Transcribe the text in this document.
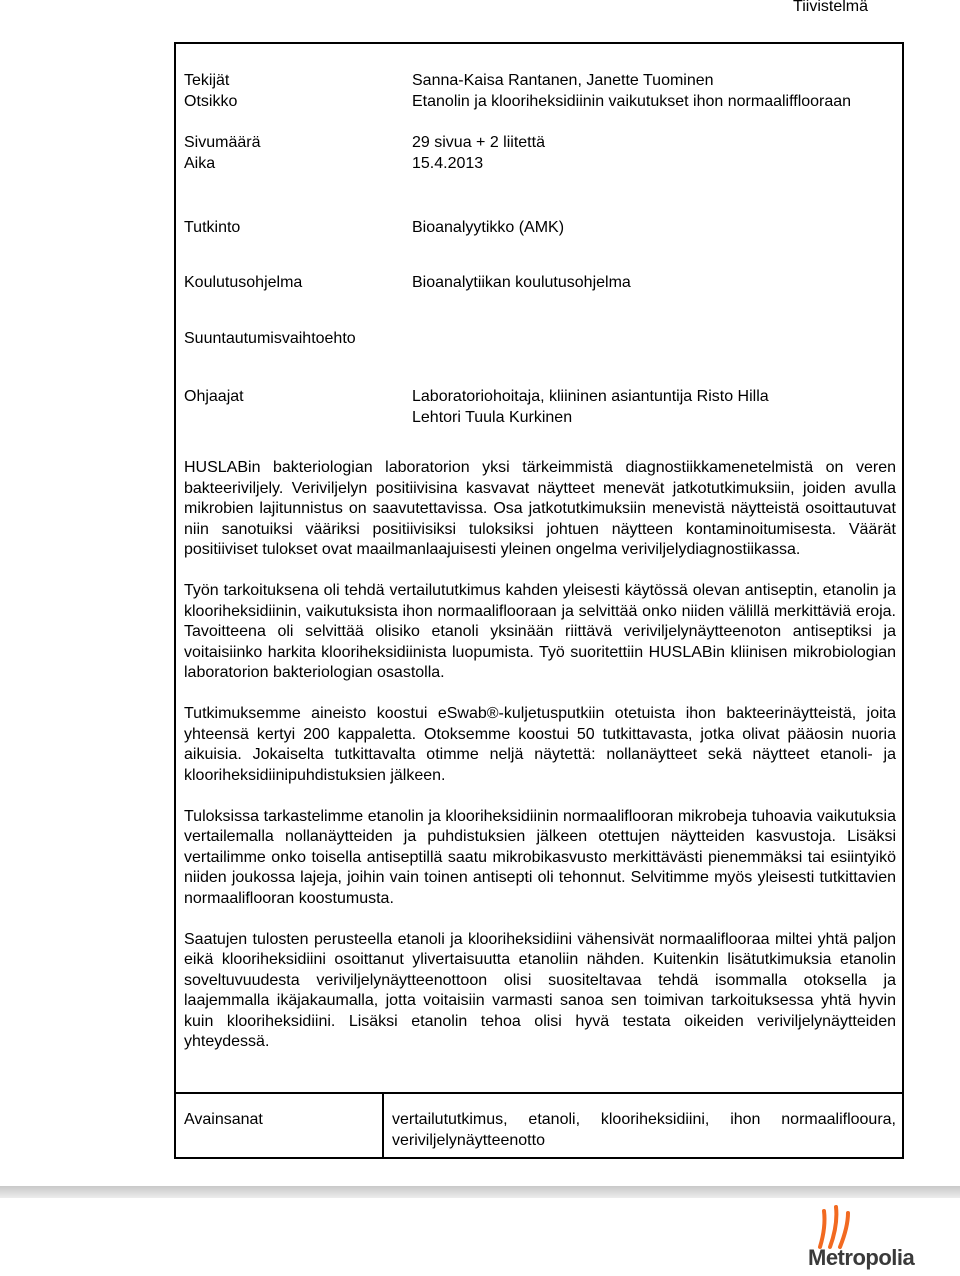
Tiivistelmä
Tekijät	Sanna-Kaisa Rantanen, Janette Tuominen
Otsikko	Etanolin ja klooriheksidiinin vaikutukset ihon normaalifflooraan
Sivumäärä	29 sivua + 2 liitettä
Aika	15.4.2013
Tutkinto	Bioanalyytikko (AMK)
Koulutusohjelma	Bioanalytiikan koulutusohjelma
Suuntautumisvaihtoehto
Ohjaajat	Laboratoriohoitaja, kliininen asiantuntija Risto Hilla
Lehtori Tuula Kurkinen

HUSLABin bakteriologian laboratorion yksi tärkeimmistä diagnostiikkamenetelmistä on veren bakteeriviljely. Veriviljelyn positiivisina kasvavat näytteet menevät jatkotutkimuksiin, joiden avulla mikrobien lajitunnistus on saavutettavissa. Osa jatkotutkimuksiin menevistä näytteistä osoittautuvat niin sanotuiksi vääriksi positiivisiksi tuloksiksi johtuen näytteen kontaminoitumisesta. Väärät positiiviset tulokset ovat maailmanlaajuisesti yleinen ongelma veriviljelydiagnostiikassa.

Työn tarkoituksena oli tehdä vertailututkimus kahden yleisesti käytössä olevan antiseptin, etanolin ja klooriheksidiinin, vaikutuksista ihon normaaliflooraan ja selvittää onko niiden välillä merkittäviä eroja. Tavoitteena oli selvittää olisiko etanoli yksinään riittävä veriviljelynäytteenoton antiseptiksi ja voitaisiinko harkita klooriheksidiinista luopumista. Työ suoritettiin HUSLABin kliinisen mikrobiologian laboratorion bakteriologian osastolla.

Tutkimuksemme aineisto koostui eSwab®-kuljetusputkiin otetuista ihon bakteerinäytteistä, joita yhteensä kertyi 200 kappaletta. Otoksemme koostui 50 tutkittavasta, jotka olivat pääosin nuoria aikuisia. Jokaiselta tutkittavalta otimme neljä näytettä: nollanäytteet sekä näytteet etanoli- ja klooriheksidiinipuhdistuksien jälkeen.

Tuloksissa tarkastelimme etanolin ja klooriheksidiinin normaaliflooran mikrobeja tuhoavia vaikutuksia vertailemalla nollanäytteiden ja puhdistuksien jälkeen otettujen näytteiden kasvustoja. Lisäksi vertailimme onko toisella antiseptillä saatu mikrobikasvusto merkittävästi pienemmäksi tai esiintyikö niiden joukossa lajeja, joihin vain toinen antisepti oli tehonnut. Selvitimme myös yleisesti tutkittavien normaaliflooran koostumusta.

Saatujen tulosten perusteella etanoli ja klooriheksidiini vähensivät normaaliflooraa miltei yhtä paljon eikä klooriheksidiini osoittanut ylivertaisuutta etanoliin nähden. Kuitenkin lisätutkimuksia etanolin soveltuvuudesta veriviljelynäytteenottoon olisi suositeltavaa tehdä isommalla otoksella ja laajemmalla ikäjakaumalla, jotta voitaisiin varmasti sanoa sen toimivan tarkoituksessa yhtä hyvin kuin klooriheksidiini. Lisäksi etanolin tehoa olisi hyvä testata oikeiden veriviljelynäytteiden yhteydessä.

Avainsanat	vertailututkimus, etanoli, klooriheksidiini, ihon normaaliflooura, veriviljelynäytteenotto
Metropolia
